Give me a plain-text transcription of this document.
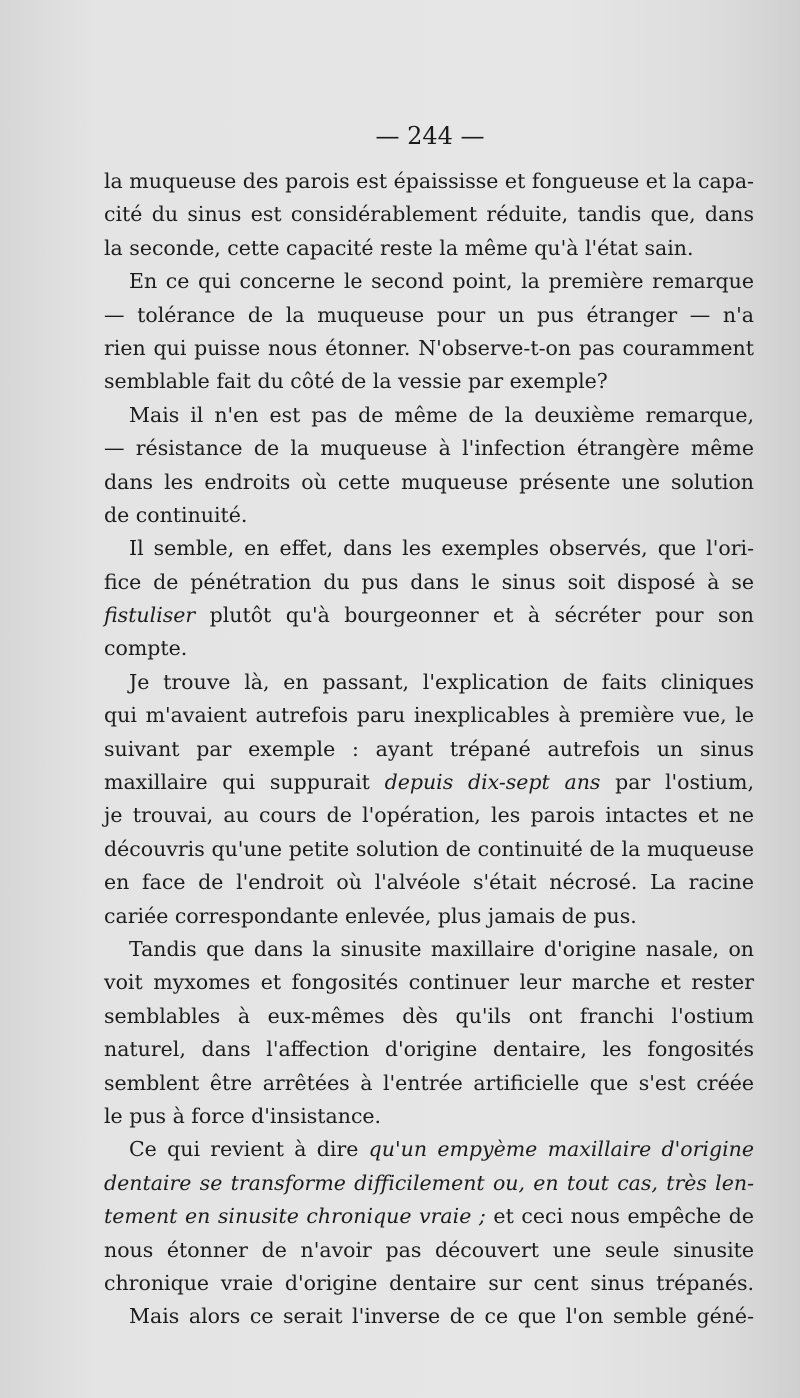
— 244 —
la muqueuse des parois est épaississe et fongueuse et la capa-
cité du sinus est considérablement réduite, tandis que, dans
la seconde, cette capacité reste la même qu'à l'état sain.
En ce qui concerne le second point, la première remarque
— tolérance de la muqueuse pour un pus étranger — n'a
rien qui puisse nous étonner. N'observe-t-on pas couramment
semblable fait du côté de la vessie par exemple?
Mais il n'en est pas de même de la deuxième remarque,
— résistance de la muqueuse à l'infection étrangère même
dans les endroits où cette muqueuse présente une solution
de continuité.
Il semble, en effet, dans les exemples observés, que l'ori-
fice de pénétration du pus dans le sinus soit disposé à se
fistuliser plutôt qu'à bourgeonner et à sécréter pour son
compte.
Je trouve là, en passant, l'explication de faits cliniques
qui m'avaient autrefois paru inexplicables à première vue, le
suivant par exemple : ayant trépané autrefois un sinus
maxillaire qui suppurait depuis dix-sept ans par l'ostium,
je trouvai, au cours de l'opération, les parois intactes et ne
découvris qu'une petite solution de continuité de la muqueuse
en face de l'endroit où l'alvéole s'était nécrosé. La racine
cariée correspondante enlevée, plus jamais de pus.
Tandis que dans la sinusite maxillaire d'origine nasale, on
voit myxomes et fongosités continuer leur marche et rester
semblables à eux-mêmes dès qu'ils ont franchi l'ostium
naturel, dans l'affection d'origine dentaire, les fongosités
semblent être arrêtées à l'entrée artificielle que s'est créée
le pus à force d'insistance.
Ce qui revient à dire qu'un empyème maxillaire d'origine
dentaire se transforme difficilement ou, en tout cas, très len-
tement en sinusite chronique vraie ; et ceci nous empêche de
nous étonner de n'avoir pas découvert une seule sinusite
chronique vraie d'origine dentaire sur cent sinus trépanés.
Mais alors ce serait l'inverse de ce que l'on semble géné-
